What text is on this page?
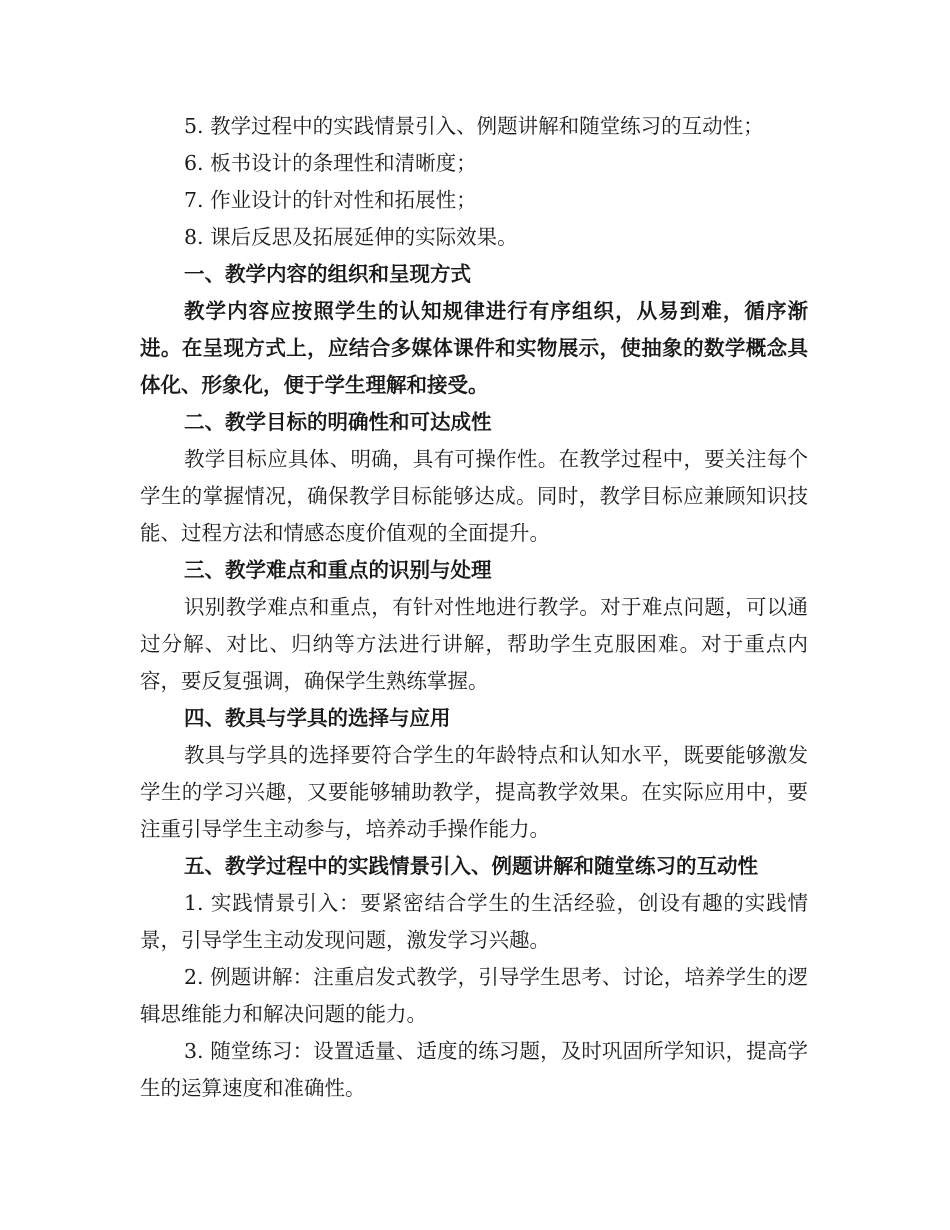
5. 教学过程中的实践情景引入、例题讲解和随堂练习的互动性；

6. 板书设计的条理性和清晰度；

7. 作业设计的针对性和拓展性；

8. 课后反思及拓展延伸的实际效果。

一、教学内容的组织和呈现方式

教学内容应按照学生的认知规律进行有序组织，从易到难，循序渐进。在呈现方式上，应结合多媒体课件和实物展示，使抽象的数学概念具体化、形象化，便于学生理解和接受。

二、教学目标的明确性和可达成性

教学目标应具体、明确，具有可操作性。在教学过程中，要关注每个学生的掌握情况，确保教学目标能够达成。同时，教学目标应兼顾知识技能、过程方法和情感态度价值观的全面提升。

三、教学难点和重点的识别与处理

识别教学难点和重点，有针对性地进行教学。对于难点问题，可以通过分解、对比、归纳等方法进行讲解，帮助学生克服困难。对于重点内容，要反复强调，确保学生熟练掌握。

四、教具与学具的选择与应用

教具与学具的选择要符合学生的年龄特点和认知水平，既要能够激发学生的学习兴趣，又要能够辅助教学，提高教学效果。在实际应用中，要注重引导学生主动参与，培养动手操作能力。

五、教学过程中的实践情景引入、例题讲解和随堂练习的互动性

1. 实践情景引入：要紧密结合学生的生活经验，创设有趣的实践情景，引导学生主动发现问题，激发学习兴趣。

2. 例题讲解：注重启发式教学，引导学生思考、讨论，培养学生的逻辑思维能力和解决问题的能力。

3. 随堂练习：设置适量、适度的练习题，及时巩固所学知识，提高学生的运算速度和准确性。
